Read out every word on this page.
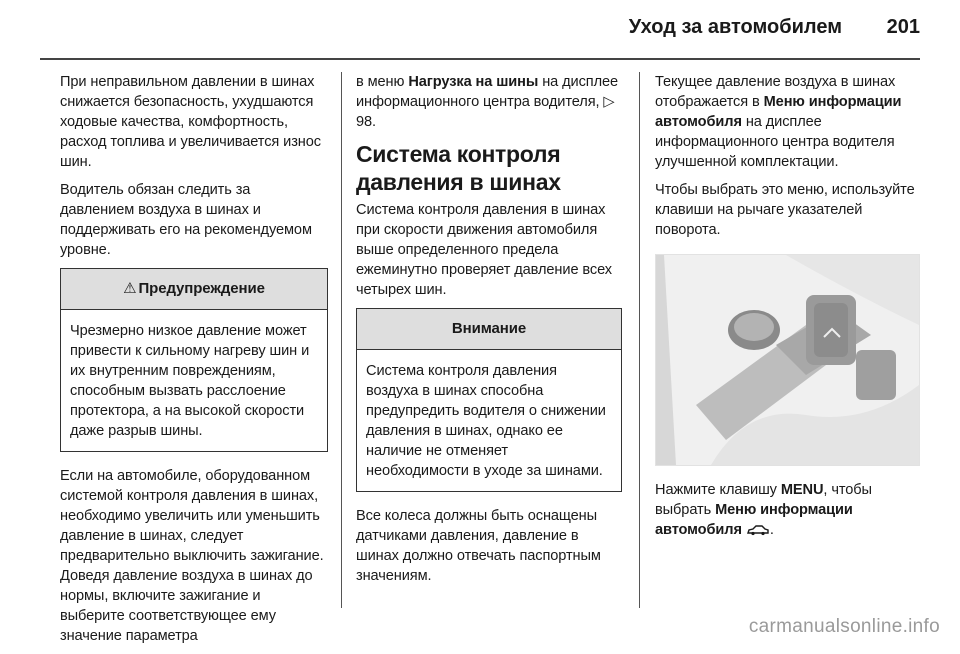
Уход за автомобилем 201

При неправильном давлении в шинах снижается безопасность, ухудшаются ходовые качества, комфортность, расход топлива и увеличивается износ шин.

Водитель обязан следить за давлением воздуха в шинах и поддерживать его на рекомендуемом уровне.

⚠ Предупреждение
Чрезмерно низкое давление может привести к сильному нагреву шин и их внутренним повреждениям, способным вызвать расслоение протектора, а на высокой скорости даже разрыв шины.

Если на автомобиле, оборудованном системой контроля давления в шинах, необходимо увеличить или уменьшить давление в шинах, следует предварительно выключить зажигание. Доведя давление воздуха в шинах до нормы, включите зажигание и выберите соответствующее ему значение параметра

в меню Нагрузка на шины на дисплее информационного центра водителя, ▷ 98.

Система контроля давления в шинах

Система контроля давления в шинах при скорости движения автомобиля выше определенного предела ежеминутно проверяет давление всех четырех шин.

Внимание
Система контроля давления воздуха в шинах способна предупредить водителя о снижении давления в шинах, однако ее наличие не отменяет необходимости в уходе за шинами.

Все колеса должны быть оснащены датчиками давления, давление в шинах должно отвечать паспортным значениям.

Текущее давление воздуха в шинах отображается в Меню информации автомобиля на дисплее информационного центра водителя улучшенной комплектации.

Чтобы выбрать это меню, используйте клавиши на рычаге указателей поворота.

Нажмите клавишу MENU, чтобы выбрать Меню информации автомобиля .

carmanualsonline.info
